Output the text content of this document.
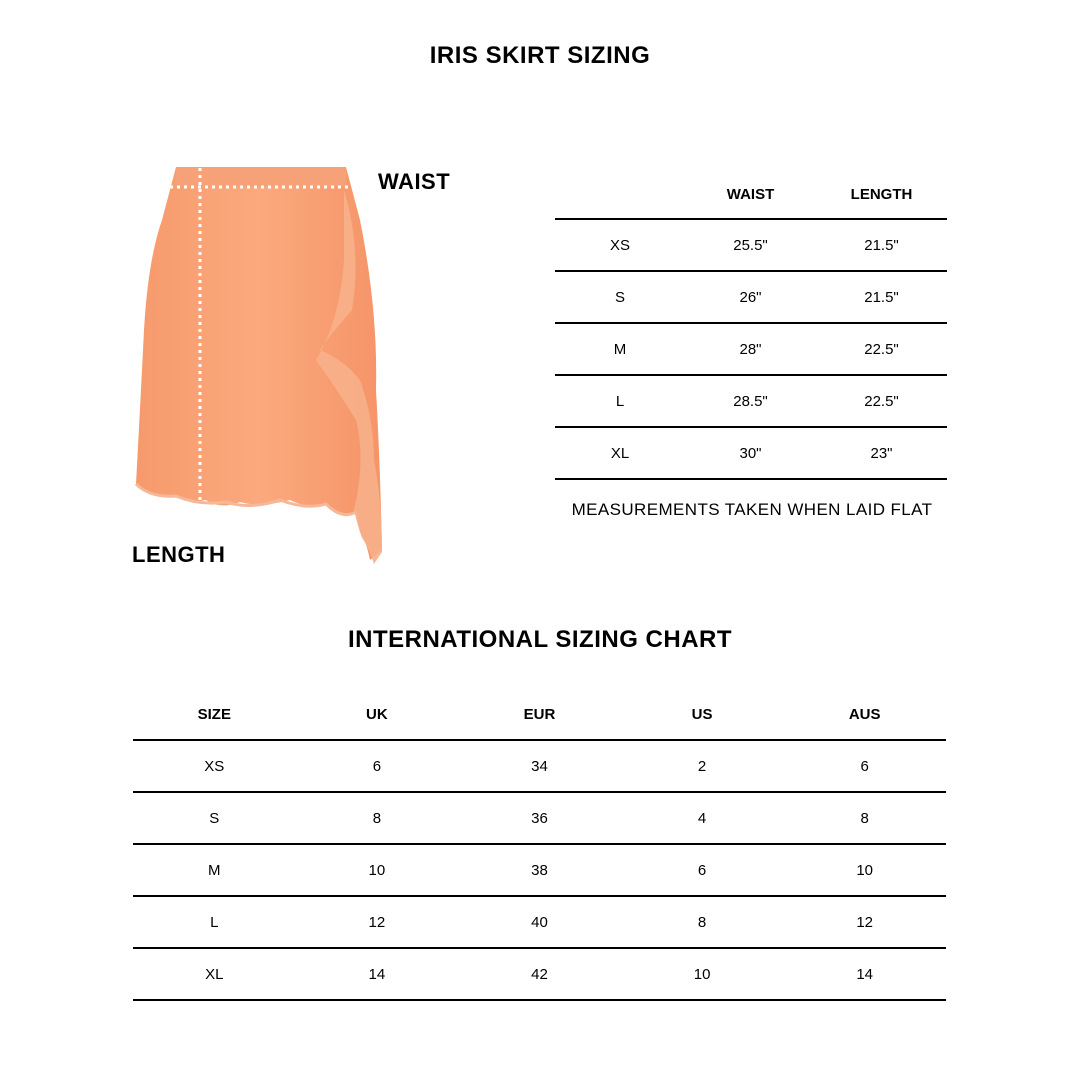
IRIS SKIRT SIZING
WAIST
LENGTH
	WAIST	LENGTH
XS	25.5"	21.5"
S	26"	21.5"
M	28"	22.5"
L	28.5"	22.5"
XL	30"	23"
MEASUREMENTS TAKEN WHEN LAID FLAT
INTERNATIONAL SIZING CHART
SIZE	UK	EUR	US	AUS
XS	6	34	2	6
S	8	36	4	8
M	10	38	6	10
L	12	40	8	12
XL	14	42	10	14
